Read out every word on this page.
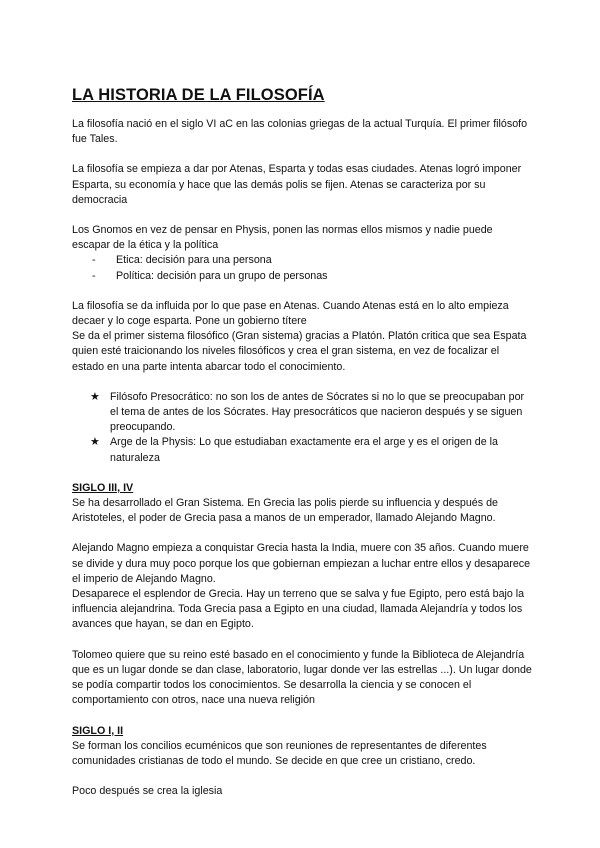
LA HISTORIA DE LA FILOSOFÍA

La filosofía nació en el siglo VI aC en las colonias griegas de la actual Turquía. El primer filósofo fue Tales.

La filosofía se empieza a dar por Atenas, Esparta y todas esas ciudades. Atenas logró imponer Esparta, su economía y hace que las demás polis se fijen. Atenas se caracteriza por su democracia

Los Gnomos en vez de pensar en Physis, ponen las normas ellos mismos y nadie puede escapar de la ética y la política

- Etica: decisión para una persona
- Política: decisión para un grupo de personas

La filosofía se da influida por lo que pase en Atenas. Cuando Atenas está en lo alto empieza decaer y lo coge esparta. Pone un gobierno títere

Se da el primer sistema filosófico (Gran sistema) gracias a Platón. Platón critica que sea Espata quien esté traicionando los niveles filosóficos y crea el gran sistema, en vez de focalizar el estado en una parte intenta abarcar todo el conocimiento.

★ Filósofo Presocrático: no son los de antes de Sócrates si no lo que se preocupaban por el tema de antes de los Sócrates. Hay presocráticos que nacieron después y se siguen preocupando.
★ Arge de la Physis: Lo que estudiaban exactamente era el arge y es el origen de la naturaleza
SIGLO III, IV

Se ha desarrollado el Gran Sistema. En Grecia las polis pierde su influencia y después de Aristoteles, el poder de Grecia pasa a manos de un emperador, llamado Alejando Magno.

Alejando Magno empieza a conquistar Grecia hasta la India, muere con 35 años. Cuando muere se divide y dura muy poco porque los que gobiernan empiezan a luchar entre ellos y desaparece el imperio de Alejando Magno.

Desaparece el esplendor de Grecia. Hay un terreno que se salva y fue Egipto, pero está bajo la influencia alejandrina. Toda Grecia pasa a Egipto en una ciudad, llamada Alejandría y todos los avances que hayan, se dan en Egipto.

Tolomeo quiere que su reino esté basado en el conocimiento y funde la Biblioteca de Alejandría que es un lugar donde se dan clase, laboratorio, lugar donde ver las estrellas ...). Un lugar donde se podía compartir todos los conocimientos. Se desarrolla la ciencia y se conocen el comportamiento con otros, nace una nueva religión

SIGLO I, II

Se forman los concilios ecuménicos que son reuniones de representantes de diferentes comunidades cristianas de todo el mundo. Se decide en que cree un cristiano, credo.

Poco después se crea la iglesia
